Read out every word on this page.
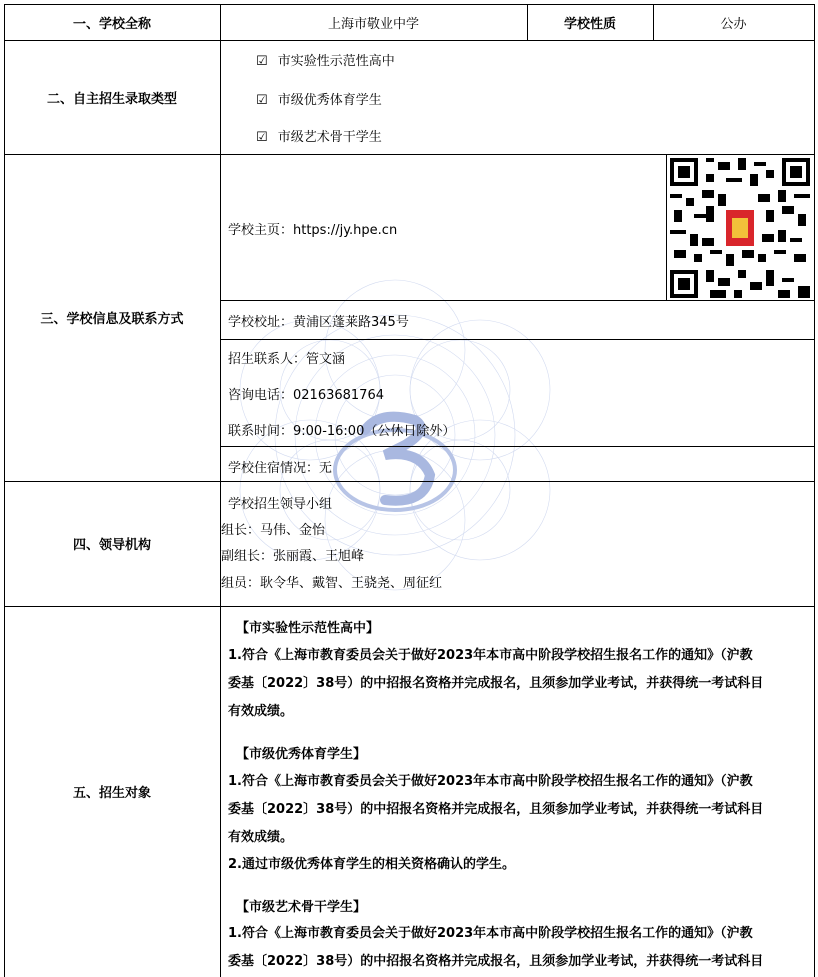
一、学校全称	上海市敬业中学	学校性质	公办
二、自主招生录取类型
☑ 市实验性示范性高中
☑ 市级优秀体育学生
☑ 市级艺术骨干学生
三、学校信息及联系方式
学校主页：https://jy.hpe.cn
学校校址：黄浦区蓬莱路345号
招生联系人：管文涵
咨询电话：02163681764
联系时间：9:00-16:00（公休日除外）
学校住宿情况：无
四、领导机构
学校招生领导小组
组长：马伟、金怡
副组长：张丽霞、王旭峰
组员：耿令华、戴智、王骁尧、周征红
五、招生对象
【市实验性示范性高中】
1.符合《上海市教育委员会关于做好2023年本市高中阶段学校招生报名工作的通知》（沪教
委基〔2022〕38号）的中招报名资格并完成报名，且须参加学业考试，并获得统一考试科目
有效成绩。
【市级优秀体育学生】
1.符合《上海市教育委员会关于做好2023年本市高中阶段学校招生报名工作的通知》（沪教
委基〔2022〕38号）的中招报名资格并完成报名，且须参加学业考试，并获得统一考试科目
有效成绩。
2.通过市级优秀体育学生的相关资格确认的学生。
【市级艺术骨干学生】
1.符合《上海市教育委员会关于做好2023年本市高中阶段学校招生报名工作的通知》（沪教
委基〔2022〕38号）的中招报名资格并完成报名，且须参加学业考试，并获得统一考试科目
